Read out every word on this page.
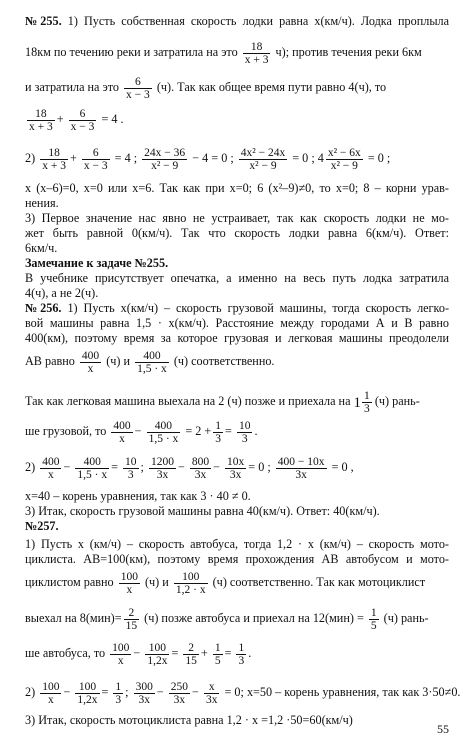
№255. 1) Пусть собственная скорость лодки равна x(км/ч). Лодка проплыла
18км по течению реки и затратила на это $\frac{18}{x + 3} ч$); против течения реки 6км
и затратила на это $\frac{6}{x - 3} (ч)$. Так как общее время пути равно 4(ч), то
$\frac{18}{x + 3} + \frac{6}{x - 3} = 4$ .
$2) \frac{18}{x + 3} + \frac{6}{x - 3} = 4$ ; $\frac{24x - 36}{\text{x² − 9}} - 4 = 0$ ; $\frac{\text{4x² − 24x}}{\text{x² − 9}} = 0$ ; $4 \frac{\text{x² − 6x}}{\text{x² − 9}} = 0$ ;
x (x–6)=0, x=0 или x=6. Так как при x=0; 6 (x²–9)≠0, то x=0; 8 – корни урав-
нения.
3) Первое значение нас явно не устраивает, так как скорость лодки не мо-
жет быть равной 0(км/ч). Так что скорость лодки равна 6(км/ч). Ответ:
6км/ч.
Замечание к задаче №255.
В учебнике присутствует опечатка, а именно на весь путь лодка затратила
4(ч), а не 2(ч).
№256. 1) Пусть x(км/ч) – скорость грузовой машины, тогда скорость легко-
вой машины равна 1,5 · x(км/ч). Расстояние между городами А и В равно
400(км), поэтому время за которое грузовая и легковая машины преодолели
АВ равно $\frac{400}{x} (ч)$ и $\frac{400}{1,5 \cdot x} (ч)$ соответственно.
Так как легковая машина выехала на 2 (ч) позже и приехала на $1 \frac{1}{3} (ч)$ рань-
ше грузовой, то $\frac{400}{x} - \frac{400}{1,5 \cdot x} = 2 + \frac{1}{3} = \frac{10}{3}$ .
$2) \frac{400}{x} - \frac{400}{1,5 \cdot x} = \frac{10}{3}$ ; $\frac{1200}{3x} - \frac{800}{3x} - \frac{10x}{3x} = 0$ ; $\frac{400 - 10x}{3x} = 0$ ,
x=40 – корень уравнения, так как 3 · 40 ≠ 0.
3) Итак, скорость грузовой машины равна 40(км/ч). Ответ: 40(км/ч).
№257.
1) Пусть x (км/ч) – скорость автобуса, тогда 1,2 · x (км/ч) – скорость мото-
циклиста. АВ=100(км), поэтому время прохождения АВ автобусом и мото-
циклистом равно $\frac{100}{x} (ч)$ и $\frac{100}{1,2 \cdot x} (ч)$ соответственно. Так как мотоциклист
выехал на $8(мин)= \frac{2}{15} (ч)$ позже автобуса и приехал на $12(мин) = \frac{1}{5} (ч)$ рань-
ше автобуса, то $\frac{100}{x} - \frac{100}{1,2x} = \frac{2}{15} + \frac{1}{5} = \frac{1}{3}$ .
$2) \frac{100}{x} - \frac{100}{1,2x} = \frac{1}{3}$ ; $\frac{300}{3x} - \frac{250}{3x} - \frac{x}{3x} = 0$; x=50 – корень уравнения, так как 3·50≠0.
3) Итак, скорость мотоциклиста равна 1,2 · x =1,2 ·50=60(км/ч)
55
